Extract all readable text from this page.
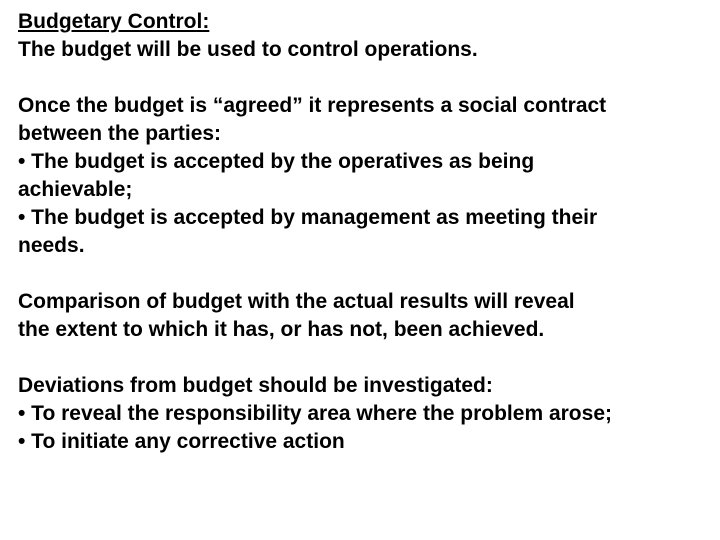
Budgetary Control:
The budget will be used to control operations.
Once the budget is “agreed” it represents a social contract
between the parties:
• The budget is accepted by the operatives as being
achievable;
• The budget is accepted by management as meeting their
needs.
Comparison of budget with the actual results will reveal
the extent to which it has, or has not, been achieved.
Deviations from budget should be investigated:
• To reveal the responsibility area where the problem arose;
• To initiate any corrective action
